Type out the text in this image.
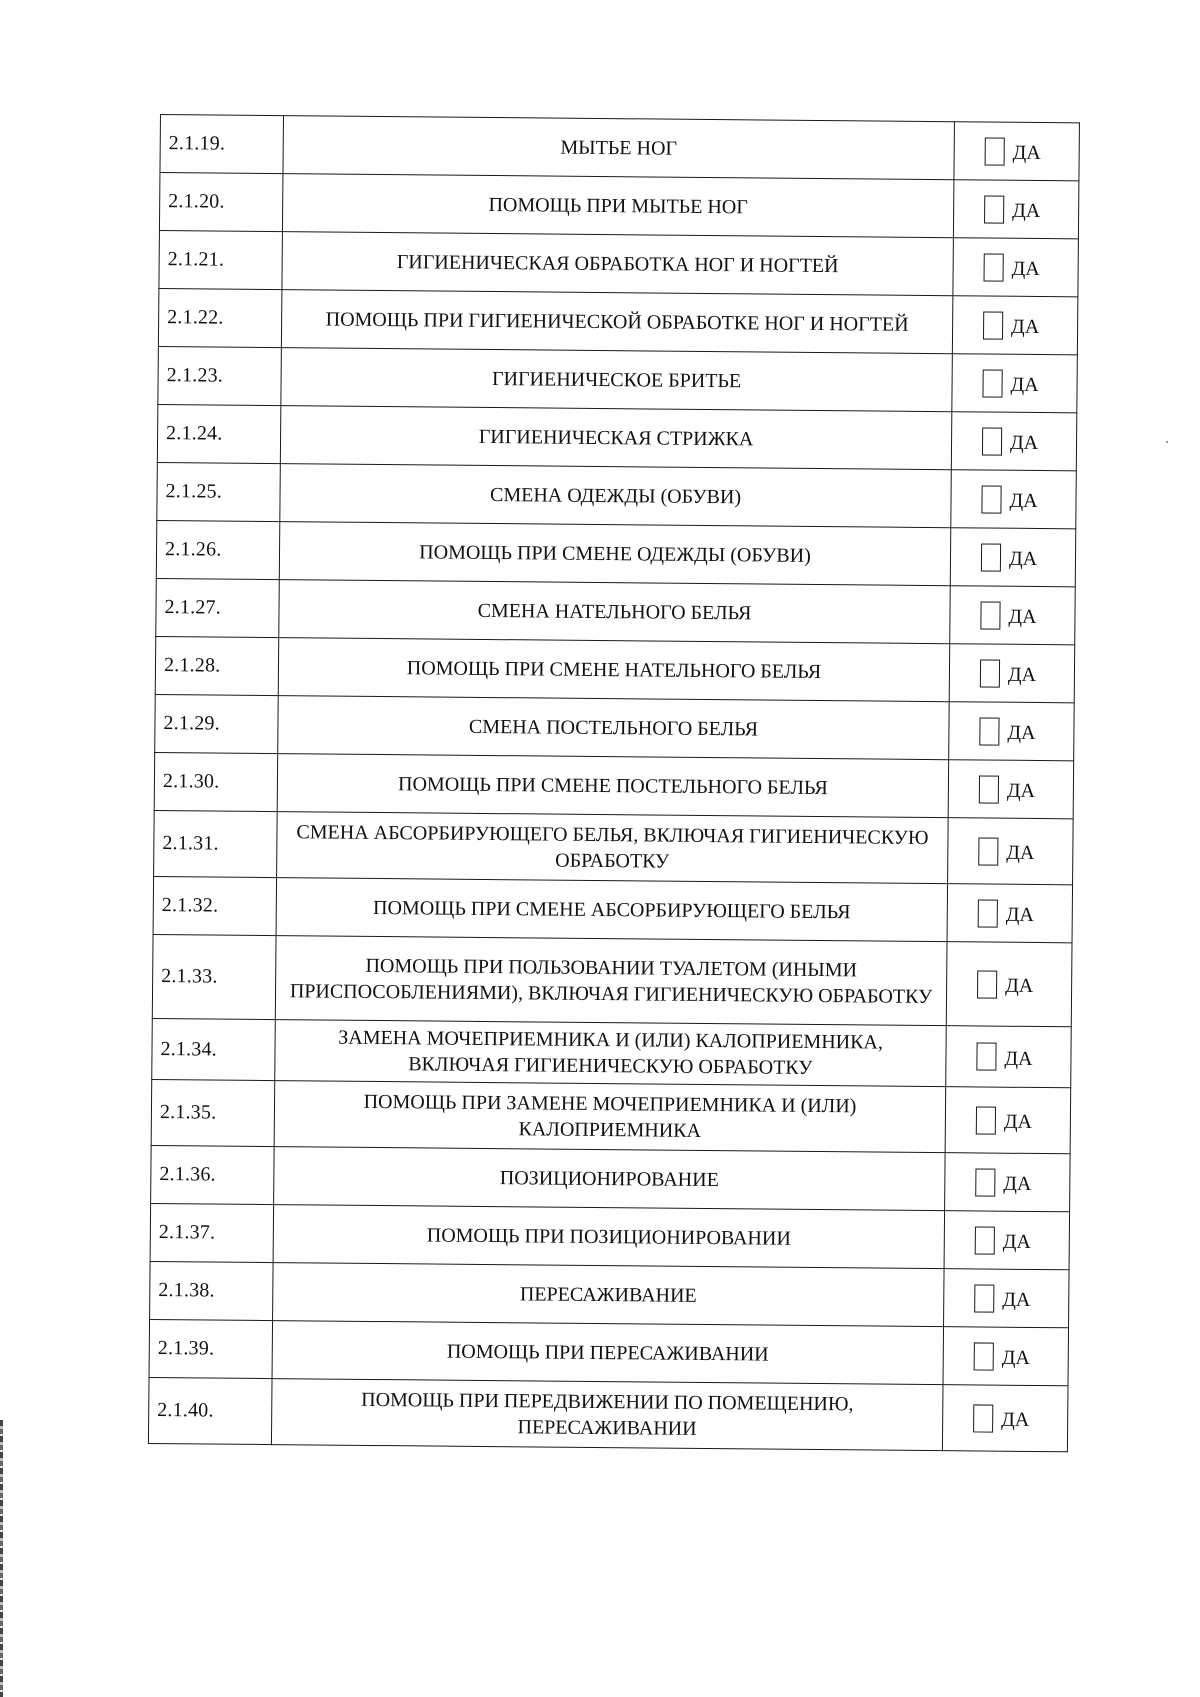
2.1.19.	МЫТЬЕ НОГ	ДА

2.1.20.	ПОМОЩЬ ПРИ МЫТЬЕ НОГ	ДА

2.1.21.	ГИГИЕНИЧЕСКАЯ ОБРАБОТКА НОГ И НОГТЕЙ	ДА

2.1.22.	ПОМОЩЬ ПРИ ГИГИЕНИЧЕСКОЙ ОБРАБОТКЕ НОГ И НОГТЕЙ	ДА

2.1.23.	ГИГИЕНИЧЕСКОЕ БРИТЬЕ	ДА

2.1.24.	ГИГИЕНИЧЕСКАЯ СТРИЖКА	ДА

2.1.25.	СМЕНА ОДЕЖДЫ (ОБУВИ)	ДА

2.1.26.	ПОМОЩЬ ПРИ СМЕНЕ ОДЕЖДЫ (ОБУВИ)	ДА

2.1.27.	СМЕНА НАТЕЛЬНОГО БЕЛЬЯ	ДА

2.1.28.	ПОМОЩЬ ПРИ СМЕНЕ НАТЕЛЬНОГО БЕЛЬЯ	ДА

2.1.29.	СМЕНА ПОСТЕЛЬНОГО БЕЛЬЯ	ДА

2.1.30.	ПОМОЩЬ ПРИ СМЕНЕ ПОСТЕЛЬНОГО БЕЛЬЯ	ДА

2.1.31.	СМЕНА АБСОРБИРУЮЩЕГО БЕЛЬЯ, ВКЛЮЧАЯ ГИГИЕНИЧЕСКУЮ ОБРАБОТКУ	ДА

2.1.32.	ПОМОЩЬ ПРИ СМЕНЕ АБСОРБИРУЮЩЕГО БЕЛЬЯ	ДА

2.1.33.	ПОМОЩЬ ПРИ ПОЛЬЗОВАНИИ ТУАЛЕТОМ (ИНЫМИ ПРИСПОСОБЛЕНИЯМИ), ВКЛЮЧАЯ ГИГИЕНИЧЕСКУЮ ОБРАБОТКУ	ДА

2.1.34.	ЗАМЕНА МОЧЕПРИЕМНИКА И (ИЛИ) КАЛОПРИЕМНИКА, ВКЛЮЧАЯ ГИГИЕНИЧЕСКУЮ ОБРАБОТКУ	ДА

2.1.35.	ПОМОЩЬ ПРИ ЗАМЕНЕ МОЧЕПРИЕМНИКА И (ИЛИ) КАЛОПРИЕМНИКА	ДА

2.1.36.	ПОЗИЦИОНИРОВАНИЕ	ДА

2.1.37.	ПОМОЩЬ ПРИ ПОЗИЦИОНИРОВАНИИ	ДА

2.1.38.	ПЕРЕСАЖИВАНИЕ	ДА

2.1.39.	ПОМОЩЬ ПРИ ПЕРЕСАЖИВАНИИ	ДА

2.1.40.	ПОМОЩЬ ПРИ ПЕРЕДВИЖЕНИИ ПО ПОМЕЩЕНИЮ, ПЕРЕСАЖИВАНИИ	ДА
